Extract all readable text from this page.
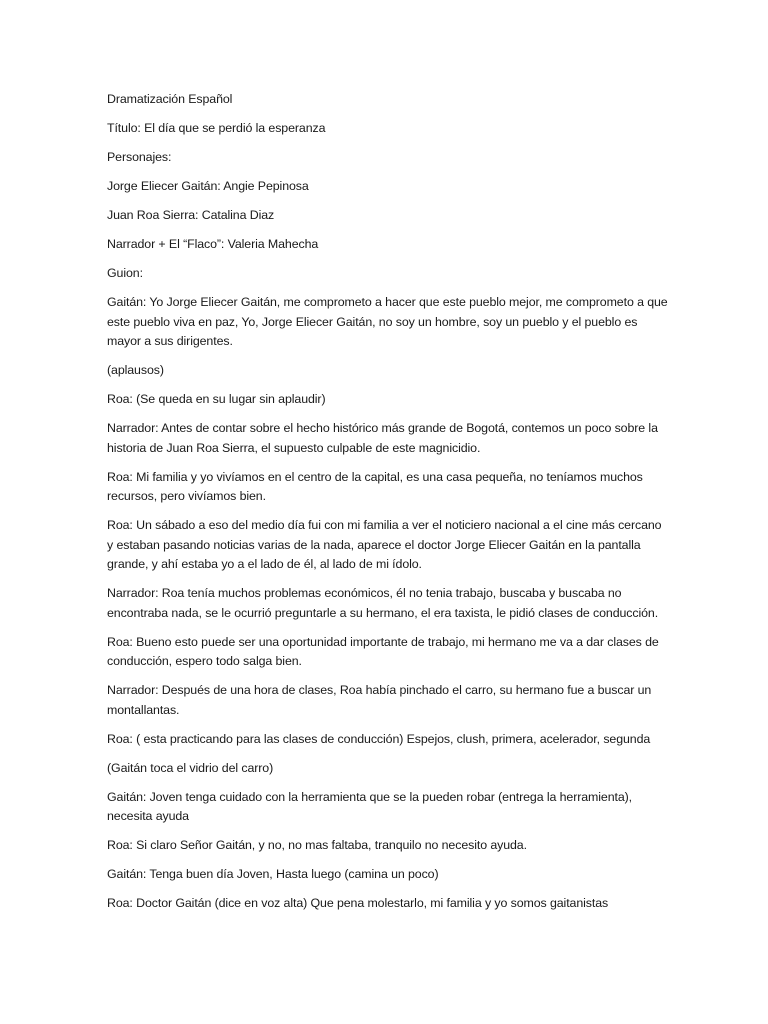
Dramatización Español

Título: El día que se perdió la esperanza

Personajes:

Jorge Eliecer Gaitán: Angie Pepinosa

Juan Roa Sierra: Catalina Diaz

Narrador + El “Flaco”: Valeria Mahecha

Guion:

Gaitán: Yo Jorge Eliecer Gaitán, me comprometo a hacer que este pueblo mejor, me comprometo a que este pueblo viva en paz, Yo, Jorge Eliecer Gaitán, no soy un hombre, soy un pueblo y el pueblo es mayor a sus dirigentes.

(aplausos)

Roa: (Se queda en su lugar sin aplaudir)

Narrador: Antes de contar sobre el hecho histórico más grande de Bogotá, contemos un poco sobre la historia de Juan Roa Sierra, el supuesto culpable de este magnicidio.

Roa: Mi familia y yo vivíamos en el centro de la capital, es una casa pequeña, no teníamos muchos recursos, pero vivíamos bien.

Roa: Un sábado a eso del medio día fui con mi familia a ver el noticiero nacional a el cine más cercano y estaban pasando noticias varias de la nada, aparece el doctor Jorge Eliecer Gaitán en la pantalla grande, y ahí estaba yo a el lado de él, al lado de mi ídolo.

Narrador: Roa tenía muchos problemas económicos, él no tenia trabajo, buscaba y buscaba no encontraba nada, se le ocurrió preguntarle a su hermano, el era taxista, le pidió clases de conducción.

Roa: Bueno esto puede ser una oportunidad importante de trabajo, mi hermano me va a dar clases de conducción, espero todo salga bien.

Narrador: Después de una hora de clases, Roa había pinchado el carro, su hermano fue a buscar un montallantas.

Roa: ( esta practicando para las clases de conducción) Espejos, clush, primera, acelerador, segunda

(Gaitán toca el vidrio del carro)

Gaitán: Joven tenga cuidado con la herramienta que se la pueden robar (entrega la herramienta), necesita ayuda

Roa: Si claro Señor Gaitán, y no, no mas faltaba, tranquilo no necesito ayuda.

Gaitán: Tenga buen día Joven, Hasta luego (camina un poco)

Roa: Doctor Gaitán (dice en voz alta) Que pena molestarlo, mi familia y yo somos gaitanistas
